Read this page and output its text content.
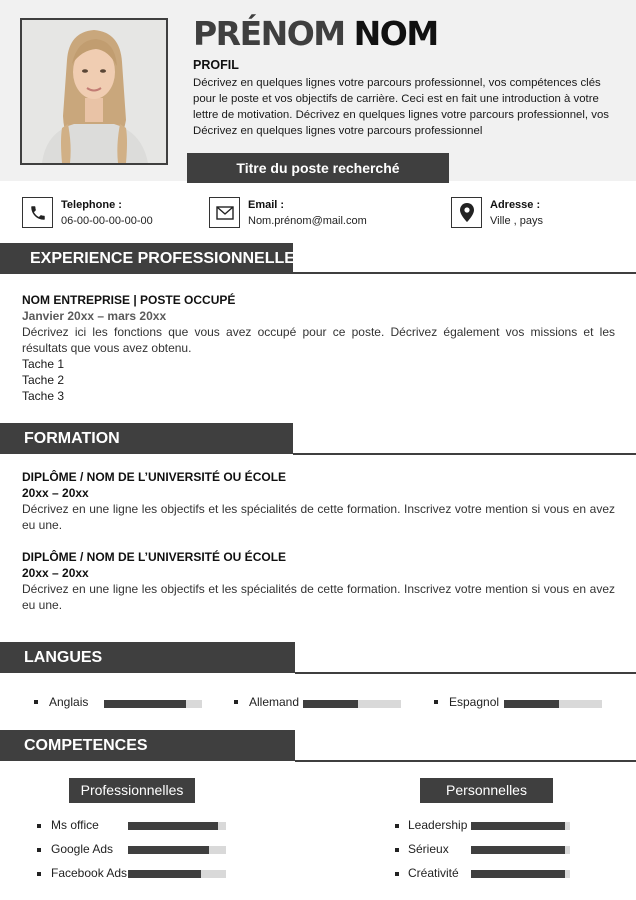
PRÉNOM NOM
PROFIL
Décrivez en quelques lignes votre parcours professionnel, vos compétences clés pour le poste et vos objectifs de carrière. Ceci est en fait une introduction à votre lettre de motivation. Décrivez en quelques lignes votre parcours professionnel, vos Décrivez en quelques lignes votre parcours professionnel
Titre du poste recherché
Telephone :
06-00-00-00-00-00
Email :
Nom.prénom@mail.com
Adresse :
Ville , pays
EXPERIENCE PROFESSIONNELLE
NOM ENTREPRISE | POSTE OCCUPÉ
Janvier 20xx – mars 20xx
Décrivez ici les fonctions que vous avez occupé pour ce poste. Décrivez également vos missions et les résultats que vous avez obtenu.
Tache 1
Tache 2
Tache 3
FORMATION
DIPLÔME / NOM DE L’UNIVERSITÉ OU ÉCOLE
20xx – 20xx
Décrivez en une ligne les objectifs et les spécialités de cette formation. Inscrivez votre mention si vous en avez eu une.
DIPLÔME / NOM DE L’UNIVERSITÉ OU ÉCOLE
20xx – 20xx
Décrivez en une ligne les objectifs et les spécialités de cette formation. Inscrivez votre mention si vous en avez eu une.
LANGUES
Anglais	Allemand	Espagnol
COMPETENCES
Professionnelles	Personnelles
Ms office
Google Ads
Facebook Ads
Leadership
Sérieux
Créativité
